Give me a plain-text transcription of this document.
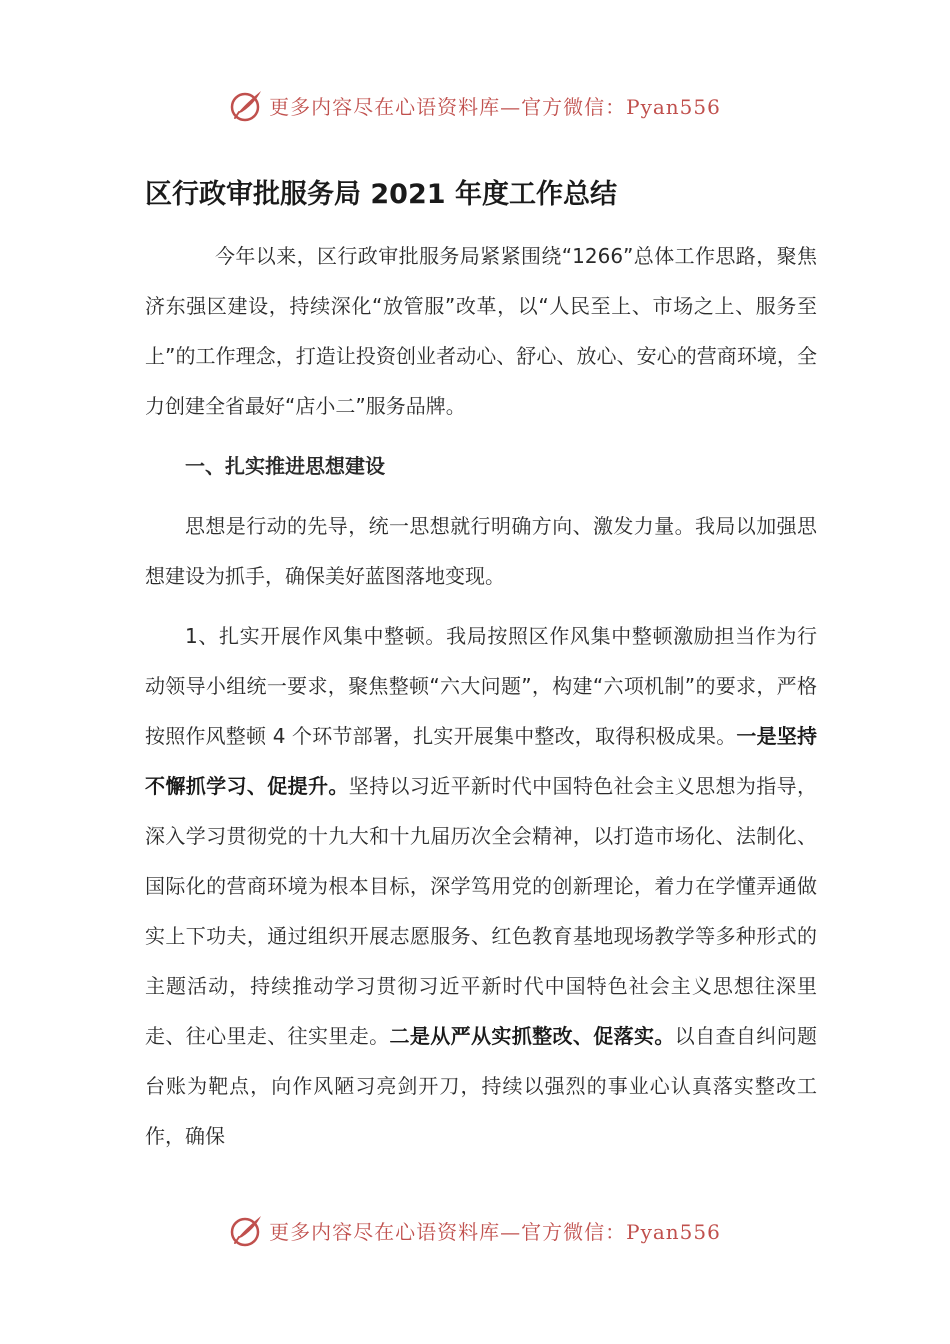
更多内容尽在心语资料库—官方微信：Pyan556
区行政审批服务局 2021 年度工作总结

今年以来，区行政审批服务局紧紧围绕“1266”总体工作思路，聚焦济东强区建设，持续深化“放管服”改革，以“人民至上、市场之上、服务至上”的工作理念，打造让投资创业者动心、舒心、放心、安心的营商环境，全力创建全省最好“店小二”服务品牌。

一、扎实推进思想建设

思想是行动的先导，统一思想就行明确方向、激发力量。我局以加强思想建设为抓手，确保美好蓝图落地变现。

1、扎实开展作风集中整顿。我局按照区作风集中整顿激励担当作为行动领导小组统一要求，聚焦整顿“六大问题”，构建“六项机制”的要求，严格按照作风整顿 4 个环节部署，扎实开展集中整改，取得积极成果。一是坚持不懈抓学习、促提升。坚持以习近平新时代中国特色社会主义思想为指导，深入学习贯彻党的十九大和十九届历次全会精神，以打造市场化、法制化、国际化的营商环境为根本目标，深学笃用党的创新理论，着力在学懂弄通做实上下功夫，通过组织开展志愿服务、红色教育基地现场教学等多种形式的主题活动，持续推动学习贯彻习近平新时代中国特色社会主义思想往深里走、往心里走、往实里走。二是从严从实抓整改、促落实。以自查自纠问题台账为靶点，向作风陋习亮剑开刀，持续以强烈的事业心认真落实整改工作，确保

更多内容尽在心语资料库—官方微信：Pyan556
